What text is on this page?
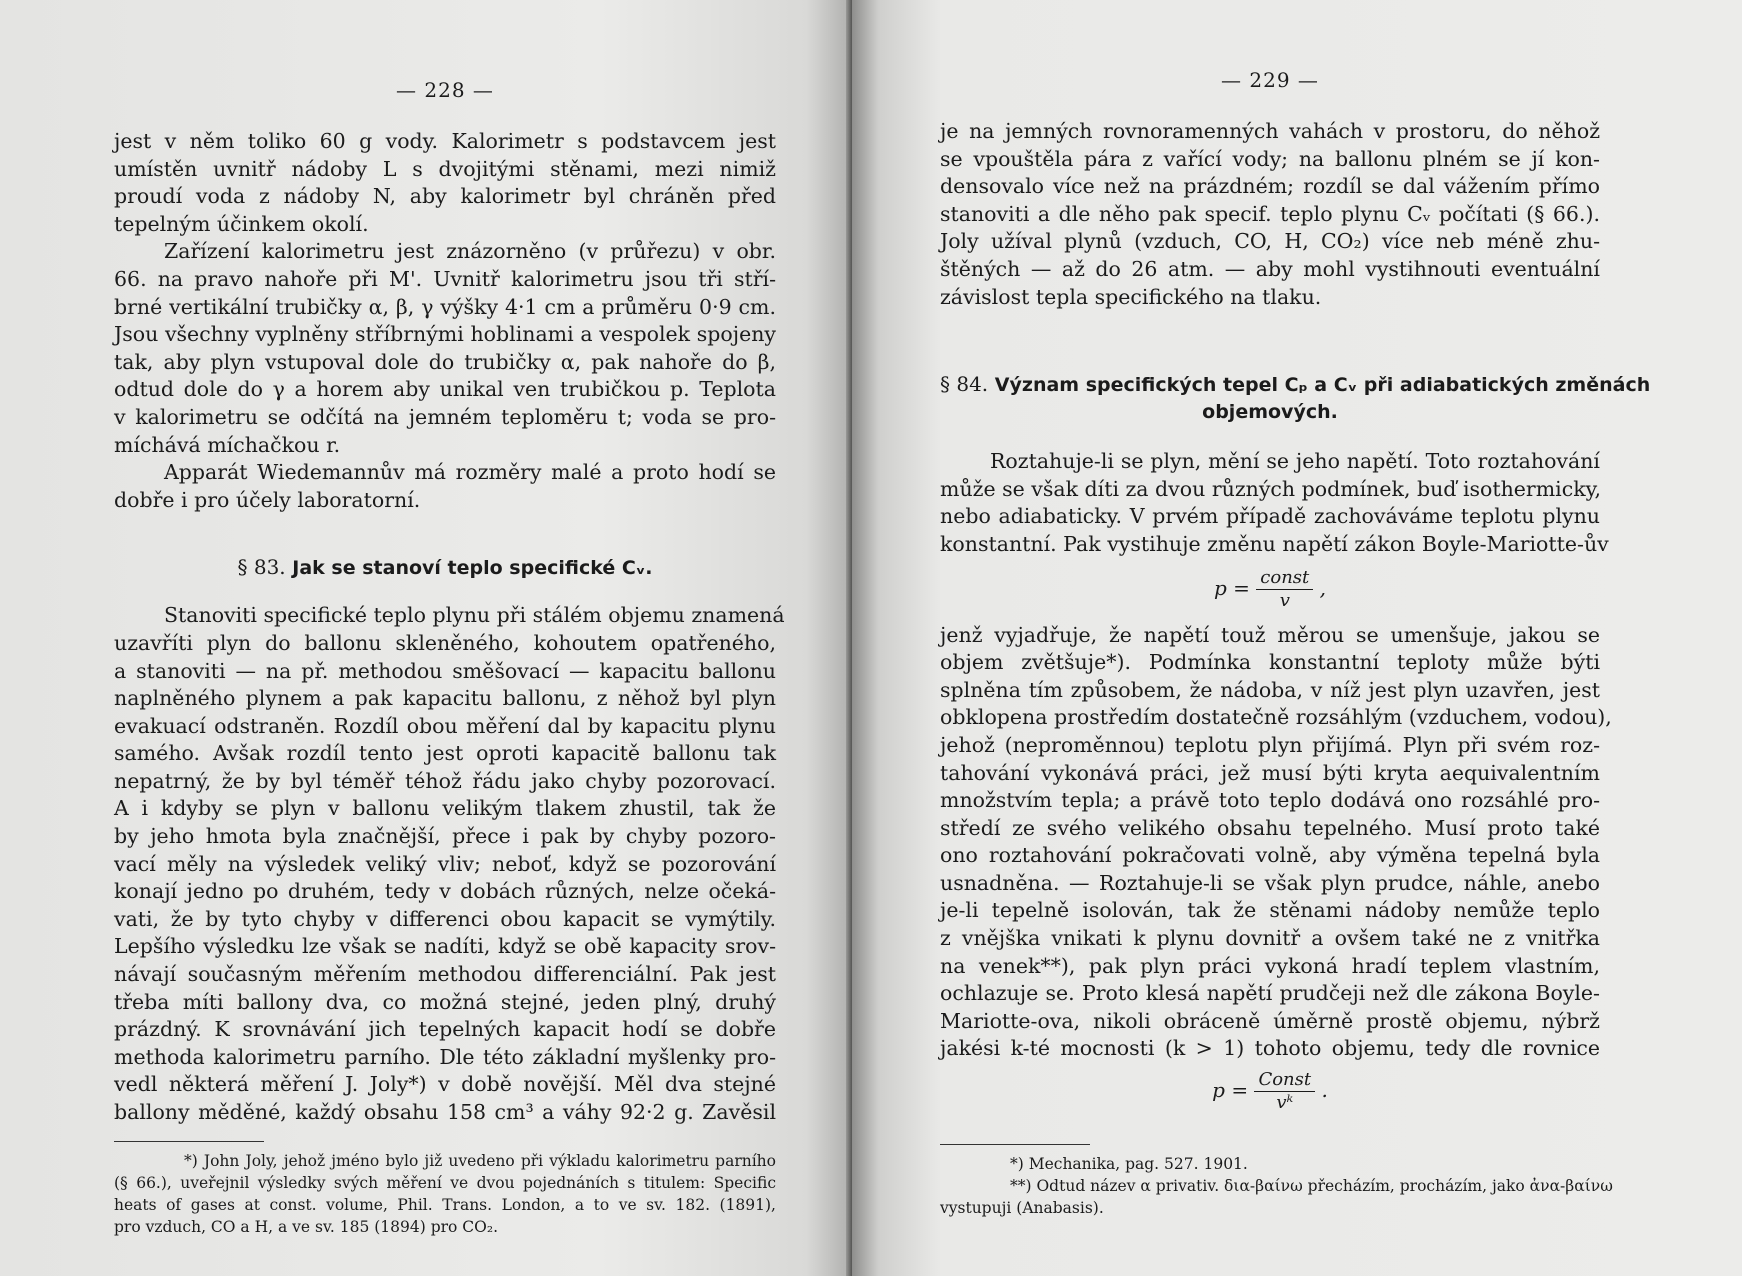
— 228 —
jest v něm toliko 60 g vody. Kalorimetr s podstavcem jest
umístěn uvnitř nádoby L s dvojitými stěnami, mezi nimiž
proudí voda z nádoby N, aby kalorimetr byl chráněn před
tepelným účinkem okolí.
Zařízení kalorimetru jest znázorněno (v průřezu) v obr.
66. na pravo nahoře při M'. Uvnitř kalorimetru jsou tři stří-
brné vertikální trubičky α, β, γ výšky 4·1 cm a průměru 0·9 cm.
Jsou všechny vyplněny stříbrnými hoblinami a vespolek spojeny
tak, aby plyn vstupoval dole do trubičky α, pak nahoře do β,
odtud dole do γ a horem aby unikal ven trubičkou p. Teplota
v kalorimetru se odčítá na jemném teploměru t; voda se pro-
míchává míchačkou r.
Apparát Wiedemannův má rozměry malé a proto hodí se
dobře i pro účely laboratorní.
§ 83. Jak se stanoví teplo specifické Cᵥ.
Stanoviti specifické teplo plynu při stálém objemu znamená
uzavříti plyn do ballonu skleněného, kohoutem opatřeného,
a stanoviti — na př. methodou směšovací — kapacitu ballonu
naplněného plynem a pak kapacitu ballonu, z něhož byl plyn
evakuací odstraněn. Rozdíl obou měření dal by kapacitu plynu
samého. Avšak rozdíl tento jest oproti kapacitě ballonu tak
nepatrný, že by byl téměř téhož řádu jako chyby pozorovací.
A i kdyby se plyn v ballonu velikým tlakem zhustil, tak že
by jeho hmota byla značnější, přece i pak by chyby pozoro-
vací měly na výsledek veliký vliv; neboť, když se pozorování
konají jedno po druhém, tedy v dobách různých, nelze očeká-
vati, že by tyto chyby v differenci obou kapacit se vymýtily.
Lepšího výsledku lze však se nadíti, když se obě kapacity srov-
návají současným měřením methodou differenciální. Pak jest
třeba míti ballony dva, co možná stejné, jeden plný, druhý
prázdný. K srovnávání jich tepelných kapacit hodí se dobře
methoda kalorimetru parního. Dle této základní myšlenky pro-
vedl některá měření J. Joly*) v době novější. Měl dva stejné
ballony měděné, každý obsahu 158 cm³ a váhy 92·2 g. Zavěsil
*) John Joly, jehož jméno bylo již uvedeno při výkladu kalorimetru parního
(§ 66.), uveřejnil výsledky svých měření ve dvou pojednáních s titulem: Specific
heats of gases at const. volume, Phil. Trans. London, a to ve sv. 182. (1891),
pro vzduch, CO a H, a ve sv. 185 (1894) pro CO₂.
— 229 —
je na jemných rovnoramenných vahách v prostoru, do něhož
se vpouštěla pára z vařící vody; na ballonu plném se jí kon-
densovalo více než na prázdném; rozdíl se dal vážením přímo
stanoviti a dle něho pak specif. teplo plynu Cᵥ počítati (§ 66.).
Joly užíval plynů (vzduch, CO, H, CO₂) více neb méně zhu-
štěných — až do 26 atm. — aby mohl vystihnouti eventuální
závislost tepla specifického na tlaku.
§ 84. Význam specifických tepel Cₚ a Cᵥ při adiabatických změnách
objemových.
Roztahuje-li se plyn, mění se jeho napětí. Toto roztahování
může se však díti za dvou různých podmínek, buď isothermicky,
nebo adiabaticky. V prvém případě zachováváme teplotu plynu
konstantní. Pak vystihuje změnu napětí zákon Boyle-Mariotte-ův
$p = \frac{\text{const}}{v}$ ,
jenž vyjadřuje, že napětí touž měrou se umenšuje, jakou se
objem zvětšuje*). Podmínka konstantní teploty může býti
splněna tím způsobem, že nádoba, v níž jest plyn uzavřen, jest
obklopena prostředím dostatečně rozsáhlým (vzduchem, vodou),
jehož (neproměnnou) teplotu plyn přijímá. Plyn při svém roz-
tahování vykonává práci, jež musí býti kryta aequivalentním
množstvím tepla; a právě toto teplo dodává ono rozsáhlé pro-
středí ze svého velikého obsahu tepelného. Musí proto také
ono roztahování pokračovati volně, aby výměna tepelná byla
usnadněna. — Roztahuje-li se však plyn prudce, náhle, anebo
je-li tepelně isolován, tak že stěnami nádoby nemůže teplo
z vnějška vnikati k plynu dovnitř a ovšem také ne z vnitřka
na venek**), pak plyn práci vykoná hradí teplem vlastním,
ochlazuje se. Proto klesá napětí prudčeji než dle zákona Boyle-
Mariotte-ova, nikoli obráceně úměrně prostě objemu, nýbrž
jakési k-té mocnosti (k > 1) tohoto objemu, tedy dle rovnice
$p = \frac{\text{Const}}{\text{vᵏ}}$ .
*) Mechanika, pag. 527. 1901.
**) Odtud název α privativ. δια-βαίνω přecházím, procházím, jako ἀνα-βαίνω
vystupuji (Anabasis).
